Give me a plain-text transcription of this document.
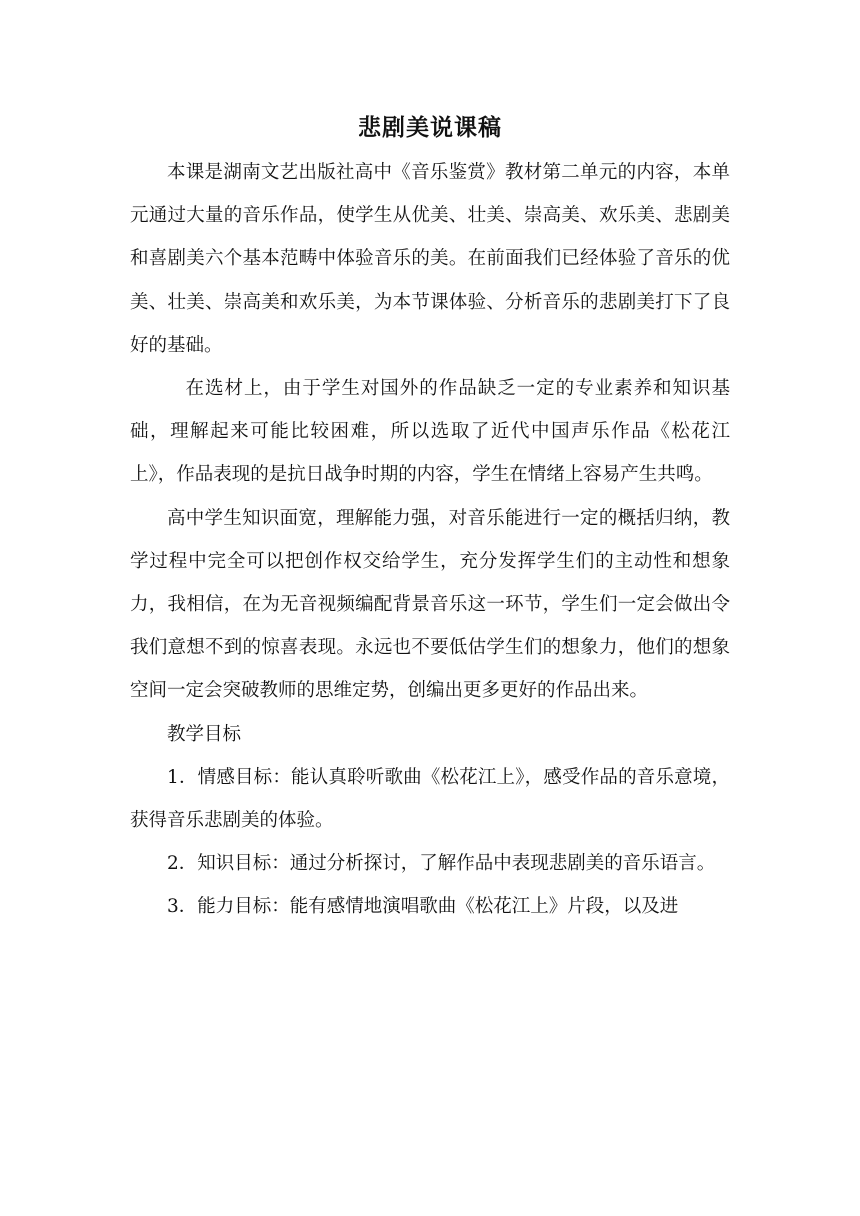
悲剧美说课稿

本课是湖南文艺出版社高中《音乐鉴赏》教材第二单元的内容，本单元通过大量的音乐作品，使学生从优美、壮美、崇高美、欢乐美、悲剧美和喜剧美六个基本范畴中体验音乐的美。在前面我们已经体验了音乐的优美、壮美、崇高美和欢乐美，为本节课体验、分析音乐的悲剧美打下了良好的基础。

在选材上，由于学生对国外的作品缺乏一定的专业素养和知识基础，理解起来可能比较困难，所以选取了近代中国声乐作品《松花江上》，作品表现的是抗日战争时期的内容，学生在情绪上容易产生共鸣。

高中学生知识面宽，理解能力强，对音乐能进行一定的概括归纳，教学过程中完全可以把创作权交给学生，充分发挥学生们的主动性和想象力，我相信，在为无音视频编配背景音乐这一环节，学生们一定会做出令我们意想不到的惊喜表现。永远也不要低估学生们的想象力，他们的想象空间一定会突破教师的思维定势，创编出更多更好的作品出来。

教学目标

1．情感目标：能认真聆听歌曲《松花江上》，感受作品的音乐意境，获得音乐悲剧美的体验。

2．知识目标：通过分析探讨，了解作品中表现悲剧美的音乐语言。

3．能力目标：能有感情地演唱歌曲《松花江上》片段，以及进
